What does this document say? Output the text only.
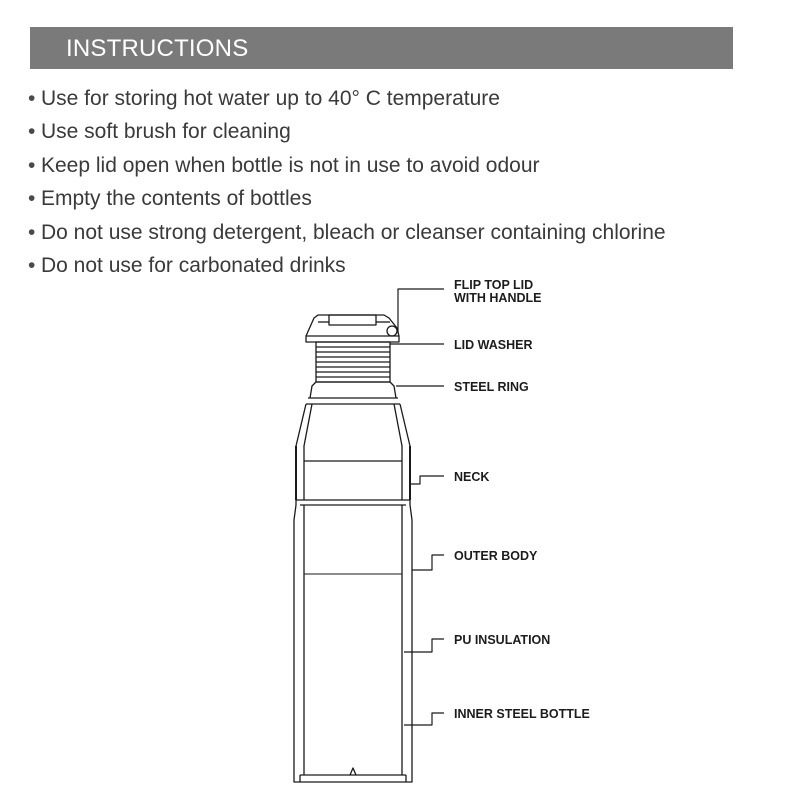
INSTRUCTIONS
• Use for storing hot water up to 40° C temperature
• Use soft brush for cleaning
• Keep lid open when bottle is not in use to avoid odour
• Empty the contents of bottles
• Do not use strong detergent, bleach or cleanser containing chlorine
• Do not use for carbonated drinks
FLIP TOP LID
WITH HANDLE
LID WASHER
STEEL RING
NECK
OUTER BODY
PU INSULATION
INNER STEEL BOTTLE
